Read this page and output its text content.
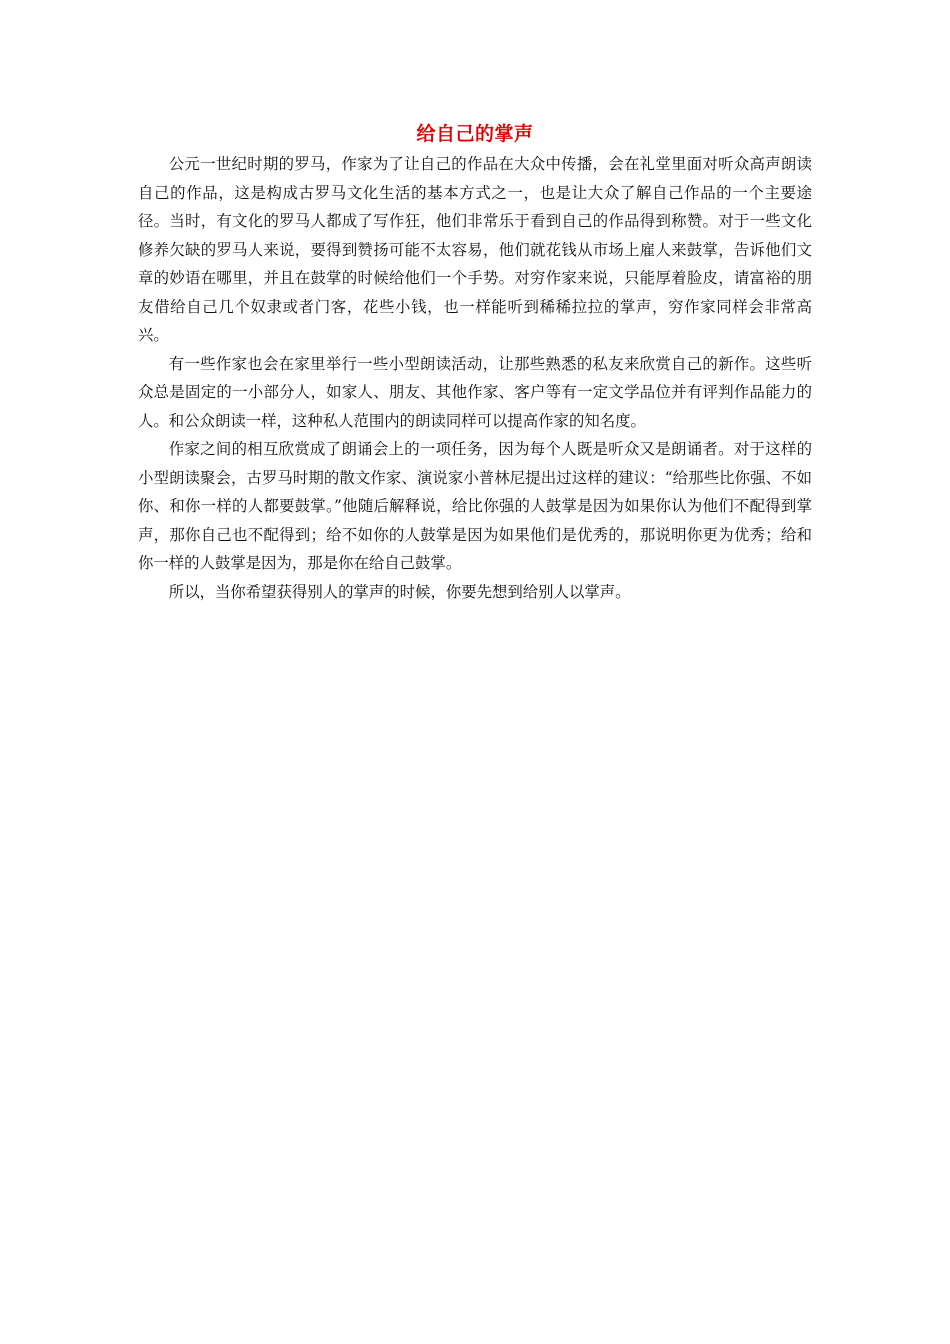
给自己的掌声

公元一世纪时期的罗马，作家为了让自己的作品在大众中传播，会在礼堂里面对听众高声朗读自己的作品，这是构成古罗马文化生活的基本方式之一，也是让大众了解自己作品的一个主要途径。当时，有文化的罗马人都成了写作狂，他们非常乐于看到自己的作品得到称赞。对于一些文化修养欠缺的罗马人来说，要得到赞扬可能不太容易，他们就花钱从市场上雇人来鼓掌，告诉他们文章的妙语在哪里，并且在鼓掌的时候给他们一个手势。对穷作家来说，只能厚着脸皮，请富裕的朋友借给自己几个奴隶或者门客，花些小钱，也一样能听到稀稀拉拉的掌声，穷作家同样会非常高兴。

有一些作家也会在家里举行一些小型朗读活动，让那些熟悉的私友来欣赏自己的新作。这些听众总是固定的一小部分人，如家人、朋友、其他作家、客户等有一定文学品位并有评判作品能力的人。和公众朗读一样，这种私人范围内的朗读同样可以提高作家的知名度。

作家之间的相互欣赏成了朗诵会上的一项任务，因为每个人既是听众又是朗诵者。对于这样的小型朗读聚会，古罗马时期的散文作家、演说家小普林尼提出过这样的建议：“给那些比你强、不如你、和你一样的人都要鼓掌。”他随后解释说，给比你强的人鼓掌是因为如果你认为他们不配得到掌声，那你自己也不配得到；给不如你的人鼓掌是因为如果他们是优秀的，那说明你更为优秀；给和你一样的人鼓掌是因为，那是你在给自己鼓掌。

所以，当你希望获得别人的掌声的时候，你要先想到给别人以掌声。
